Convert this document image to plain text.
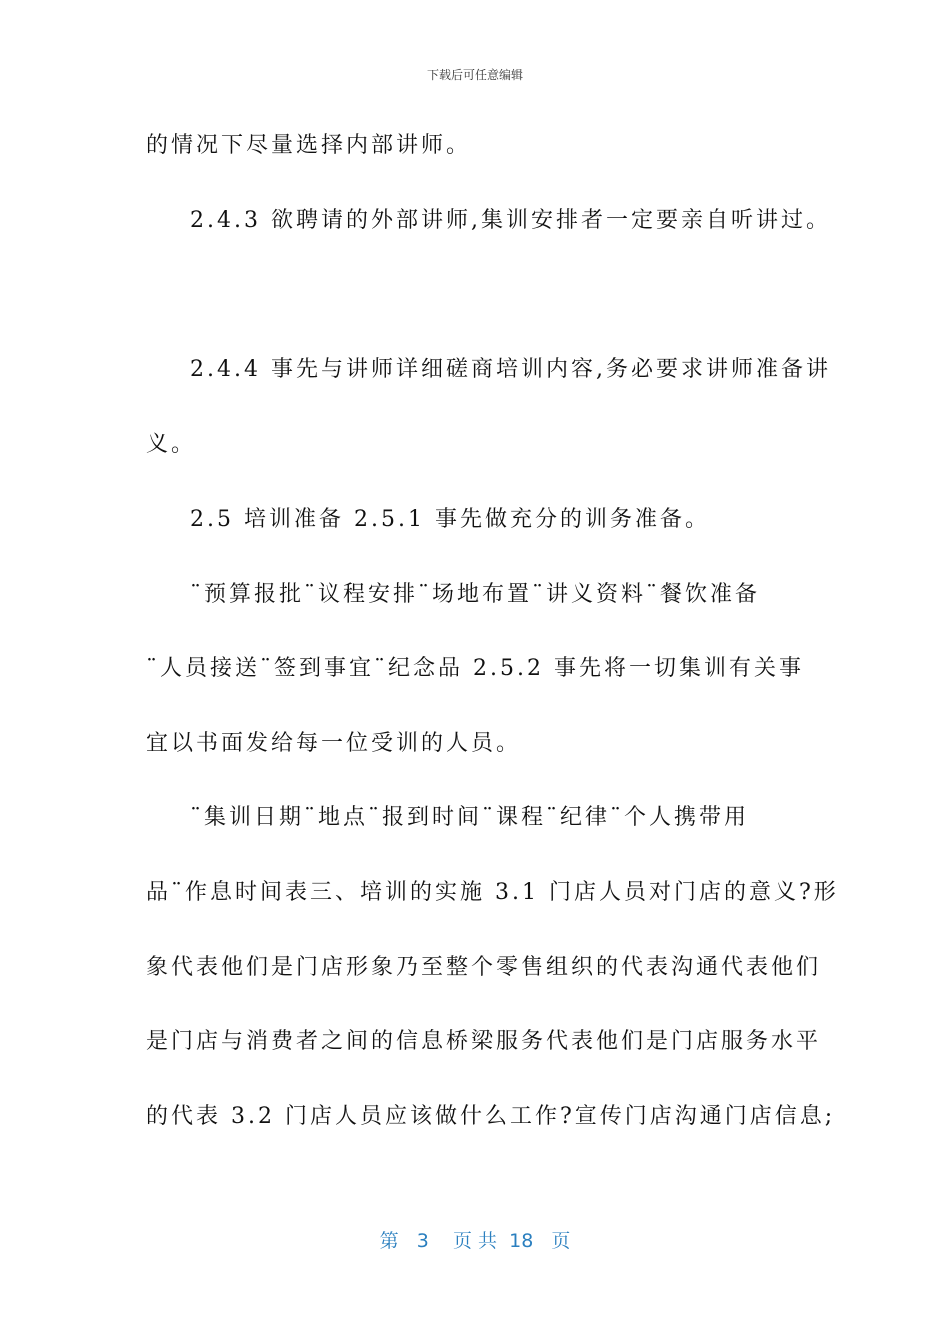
下载后可任意编辑
的情况下尽量选择内部讲师。
2.4.3 欲聘请的外部讲师,集训安排者一定要亲自听讲过。
2.4.4 事先与讲师详细磋商培训内容,务必要求讲师准备讲
义。
2.5 培训准备 2.5.1 事先做充分的训务准备。
¨预算报批¨议程安排¨场地布置¨讲义资料¨餐饮准备
¨人员接送¨签到事宜¨纪念品 2.5.2 事先将一切集训有关事
宜以书面发给每一位受训的人员。
¨集训日期¨地点¨报到时间¨课程¨纪律¨个人携带用
品¨作息时间表三、培训的实施 3.1 门店人员对门店的意义?形
象代表他们是门店形象乃至整个零售组织的代表沟通代表他们
是门店与消费者之间的信息桥梁服务代表他们是门店服务水平
的代表 3.2 门店人员应该做什么工作?宣传门店沟通门店信息;
第 3 页 共 18 页
